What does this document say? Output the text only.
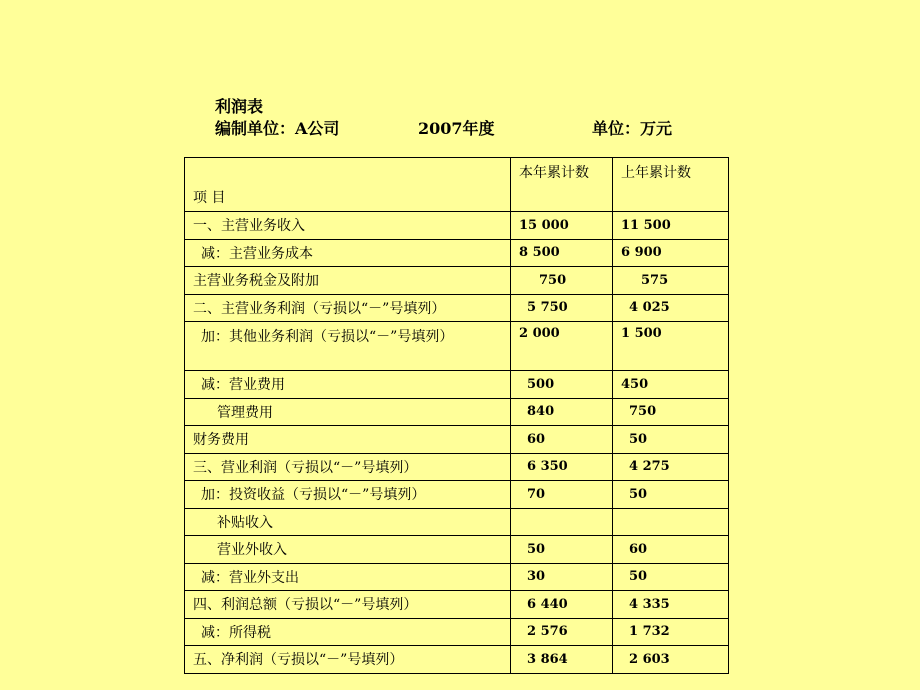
利润表
编制单位：A公司	2007年度	单位：万元
项 目	本年累计数	上年累计数
一、主营业务收入	15 000	11 500
减：主营业务成本	8 500	6 900
主营业务税金及附加	750	575
二、主营业务利润（亏损以“－”号填列）	5 750	4 025
加：其他业务利润（亏损以“－”号填列）	2 000	1 500
减：营业费用	500	450
管理费用	840	750
财务费用	60	50
三、营业利润（亏损以“－”号填列）	6 350	4 275
加：投资收益（亏损以“－”号填列）	70	50
补贴收入		
营业外收入	50	60
减：营业外支出	30	50
四、利润总额（亏损以“－”号填列）	6 440	4 335
减：所得税	2 576	1 732
五、净利润（亏损以“－”号填列）	3 864	2 603
